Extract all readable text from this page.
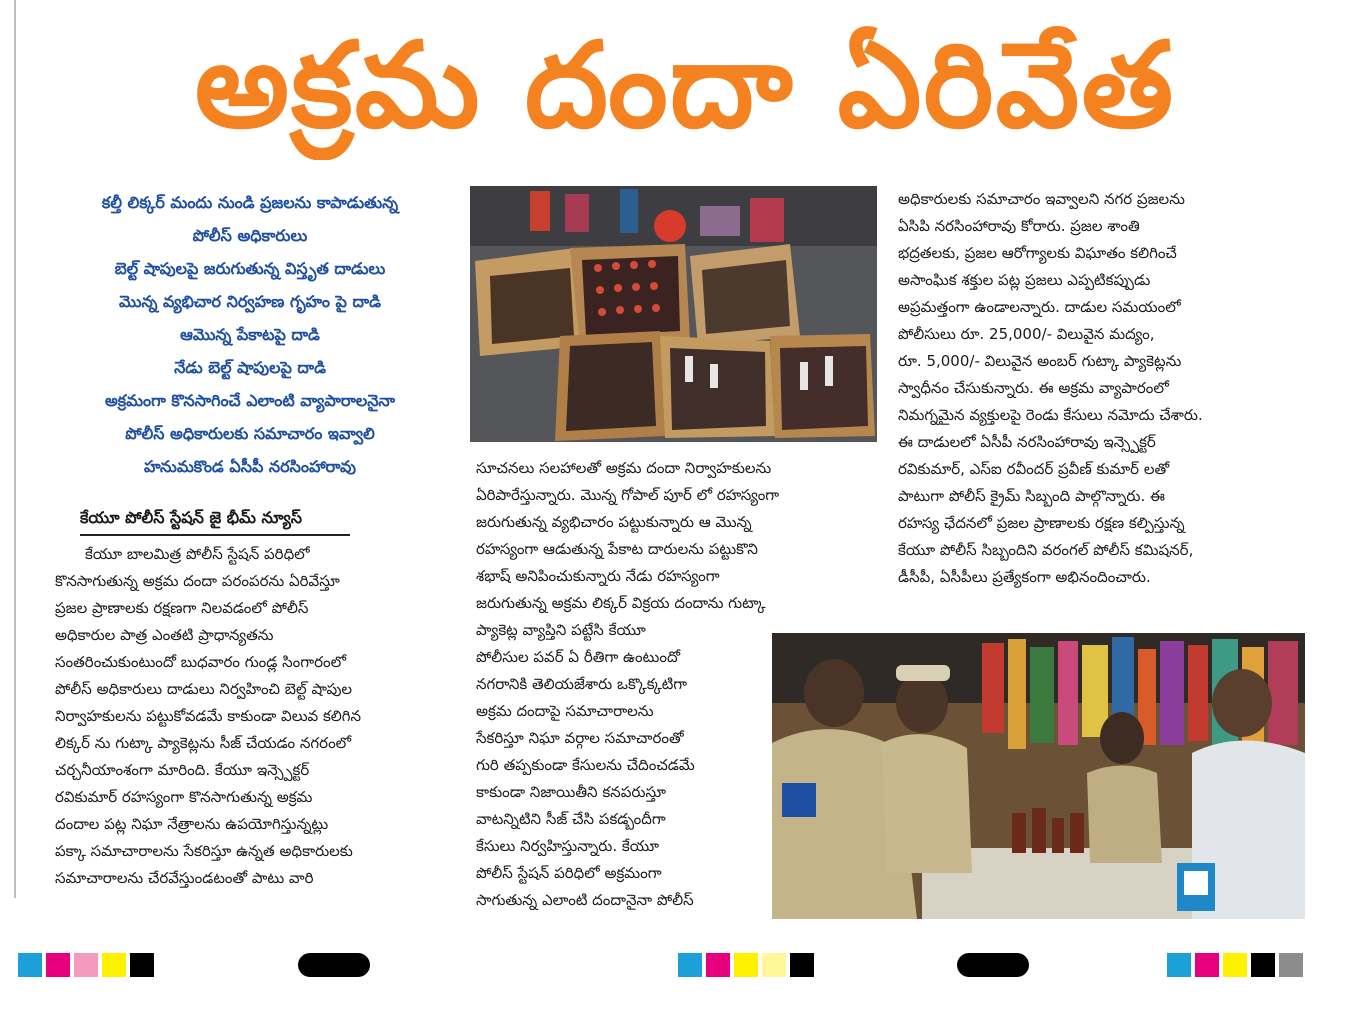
అక్రమ దందా ఏరివేత
కల్తీ లిక్కర్ మందు నుండి ప్రజలను కాపాడుతున్న
పోలీస్ అధికారులు
బెల్ట్ షాపులపై జరుగుతున్న విస్తృత దాడులు
మొన్న వ్యభిచార నిర్వహణ గృహం పై దాడి
ఆమొన్న పేకాటపై దాడి
నేడు బెల్ట్ షాపులపై దాడి
అక్రమంగా కొనసాగించే ఎలాంటి వ్యాపారాలనైనా
పోలీస్ అధికారులకు సమాచారం ఇవ్వాలి
హనుమకొండ ఏసీపీ నరసింహారావు
కేయూ పోలీస్ స్టేషన్ జై భీమ్ న్యూస్
కేయూ బాలమిత్ర పోలీస్ స్టేషన్ పరిధిలో
కొనసాగుతున్న అక్రమ దందా పరంపరను ఏరివేస్తూ
ప్రజల ప్రాణాలకు రక్షణగా నిలవడంలో పోలీస్
అధికారుల పాత్ర ఎంతటి ప్రాధాన్యతను
సంతరించుకుంటుందో బుధవారం గుండ్ల సింగారంలో
పోలీస్ అధికారులు దాడులు నిర్వహించి బెల్ట్ షాపుల
నిర్వాహకులను పట్టుకోవడమే కాకుండా విలువ కలిగిన
లిక్కర్ ను గుట్కా ప్యాకెట్లను సీజ్ చేయడం నగరంలో
చర్చనీయాంశంగా మారింది. కేయూ ఇన్స్పెక్టర్
రవికుమార్ రహస్యంగా కొనసాగుతున్న అక్రమ
దందాల పట్ల నిఘా నేత్రాలను ఉపయోగిస్తున్నట్లు
పక్కా సమాచారాలను సేకరిస్తూ ఉన్నత అధికారులకు
సమాచారాలను చేరవేస్తుండటంతో పాటు వారి
సూచనలు సలహాలతో అక్రమ దందా నిర్వాహకులను
ఏరిపారేస్తున్నారు. మొన్న గోపాల్ పూర్ లో రహస్యంగా
జరుగుతున్న వ్యభిచారం పట్టుకున్నారు ఆ మొన్న
రహస్యంగా ఆడుతున్న పేకాట దారులను పట్టుకొని
శభాష్ అనిపించుకున్నారు నేడు రహస్యంగా
జరుగుతున్న అక్రమ లిక్కర్ విక్రయ దందాను గుట్కా
ప్యాకెట్ల వ్యాప్తిని పట్టేసి కేయూ
పోలీసుల పవర్ ఏ రీతిగా ఉంటుందో
నగరానికి తెలియజేశారు ఒక్కొక్కటిగా
అక్రమ దందాపై సమాచారాలను
సేకరిస్తూ నిఘా వర్గాల సమాచారంతో
గురి తప్పకుండా కేసులను చేదించడమే
కాకుండా నిజాయితీని కనపరుస్తూ
వాటన్నిటిని సీజ్ చేసి పకడ్బందీగా
కేసులు నిర్వహిస్తున్నారు. కేయూ
పోలీస్ స్టేషన్ పరిధిలో అక్రమంగా
సాగుతున్న ఎలాంటి దందానైనా పోలీస్
అధికారులకు సమాచారం ఇవ్వాలని నగర ప్రజలను
ఏసిపి నరసింహారావు కోరారు. ప్రజల శాంతి
భద్రతలకు, ప్రజల ఆరోగ్యాలకు విఘాతం కలిగించే
అసాంఘిక శక్తుల పట్ల ప్రజలు ఎప్పటికప్పుడు
అప్రమత్తంగా ఉండాలన్నారు. దాడుల సమయంలో
పోలీసులు రూ. 25,000/- విలువైన మద్యం,
రూ. 5,000/- విలువైన అంబర్ గుట్కా ప్యాకెట్లను
స్వాధీనం చేసుకున్నారు. ఈ అక్రమ వ్యాపారంలో
నిమగ్నమైన వ్యక్తులపై రెండు కేసులు నమోదు చేశారు.
ఈ దాడులలో ఏసీపీ నరసింహారావు ఇన్స్పెక్టర్
రవికుమార్, ఎస్ఐ రవీందర్ ప్రవీణ్ కుమార్ లతో
పాటుగా పోలీస్ క్రైమ్ సిబ్బంది పాల్గొన్నారు. ఈ
రహస్య ఛేదనలో ప్రజల ప్రాణాలకు రక్షణ కల్పిస్తున్న
కేయూ పోలీస్ సిబ్బందిని వరంగల్ పోలీస్ కమిషనర్,
డీసీపీ, ఏసీపీలు ప్రత్యేకంగా అభినందించారు.
